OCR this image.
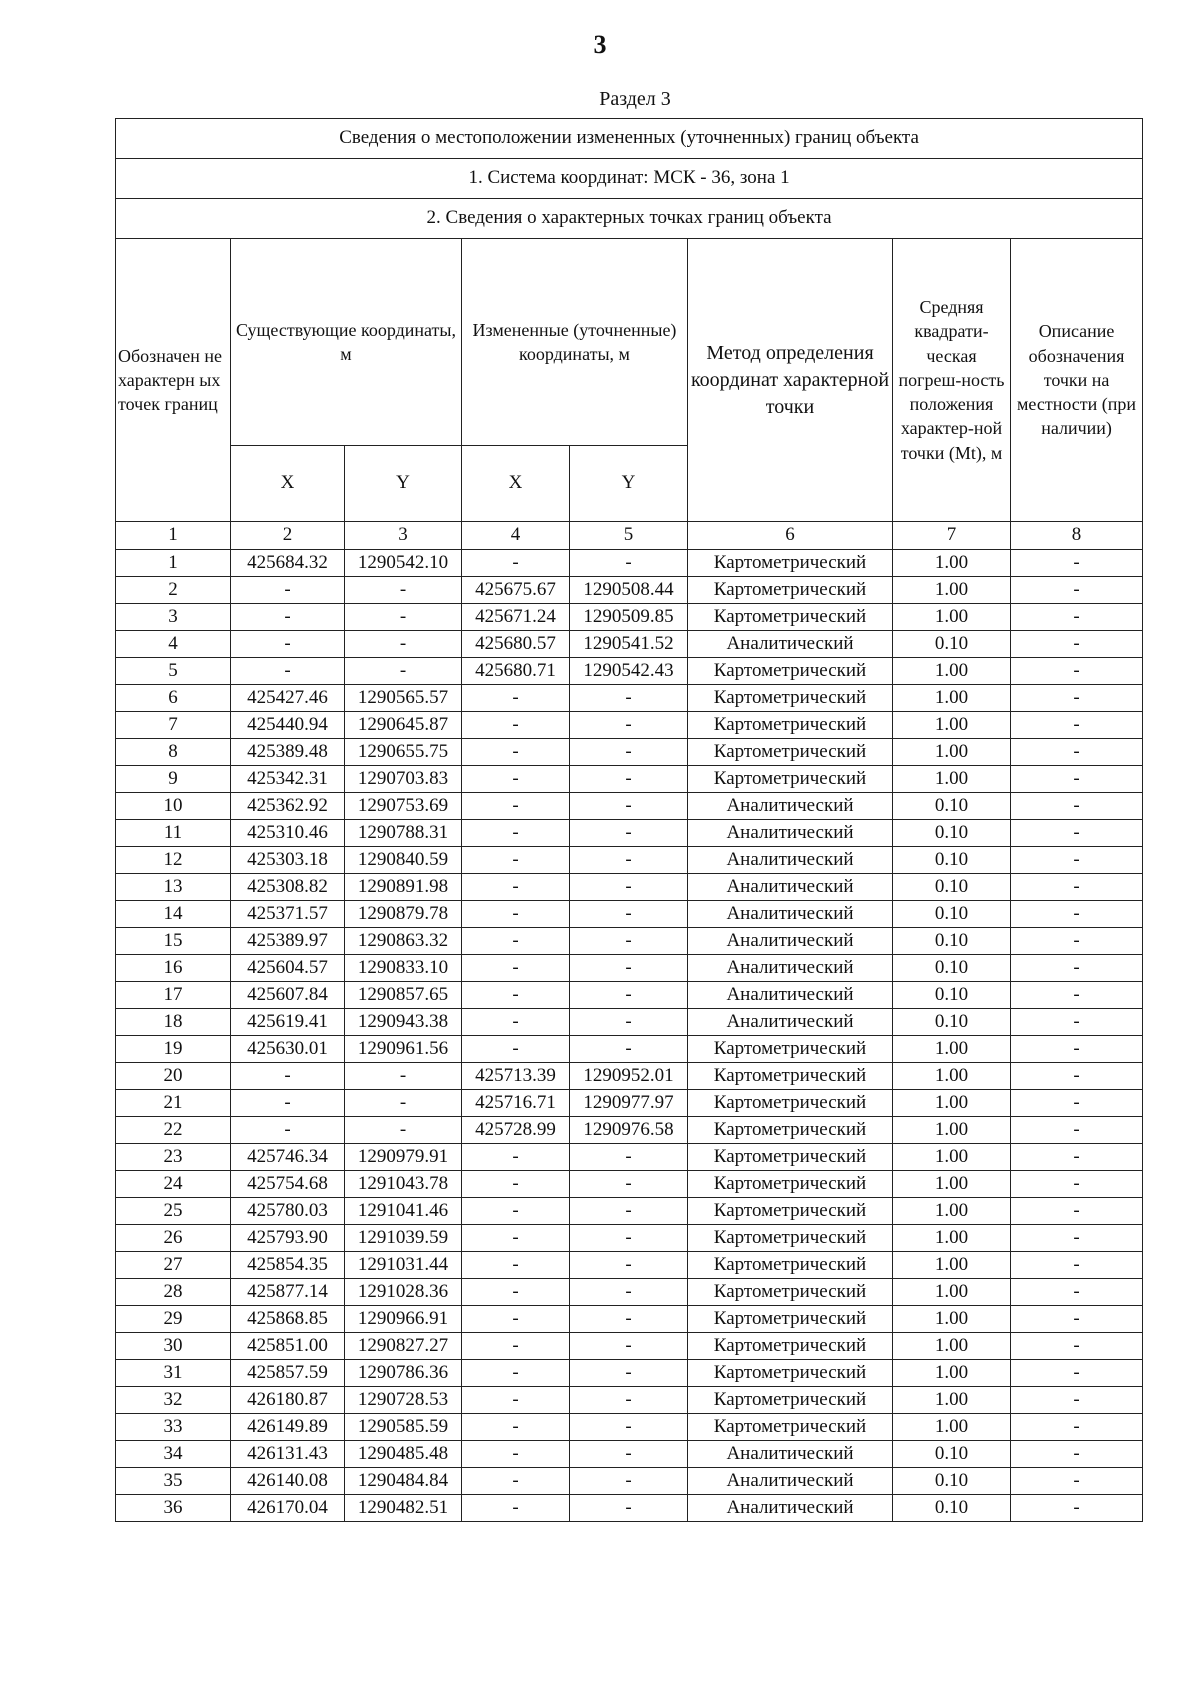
3
Раздел 3
Сведения о местоположении измененных (уточненных) границ объекта							
1. Система координат: МСК - 36, зона 1							
2. Сведения о характерных точках границ объекта							
Обозначен не характерн ых точек границ	Существующие координаты, м		Измененные (уточненные) координаты, м		Метод определения координат характерной точки	Средняя квадрати-ческая погреш-ность положения характер-ной точки (Mt), м	Описание обозначения точки на местности (при наличии)
	X	Y	X	Y			
1	2	3	4	5	6	7	8
1	425684.32	1290542.10	-	-	Картометрический	1.00	-
2	-	-	425675.67	1290508.44	Картометрический	1.00	-
3	-	-	425671.24	1290509.85	Картометрический	1.00	-
4	-	-	425680.57	1290541.52	Аналитический	0.10	-
5	-	-	425680.71	1290542.43	Картометрический	1.00	-
6	425427.46	1290565.57	-	-	Картометрический	1.00	-
7	425440.94	1290645.87	-	-	Картометрический	1.00	-
8	425389.48	1290655.75	-	-	Картометрический	1.00	-
9	425342.31	1290703.83	-	-	Картометрический	1.00	-
10	425362.92	1290753.69	-	-	Аналитический	0.10	-
11	425310.46	1290788.31	-	-	Аналитический	0.10	-
12	425303.18	1290840.59	-	-	Аналитический	0.10	-
13	425308.82	1290891.98	-	-	Аналитический	0.10	-
14	425371.57	1290879.78	-	-	Аналитический	0.10	-
15	425389.97	1290863.32	-	-	Аналитический	0.10	-
16	425604.57	1290833.10	-	-	Аналитический	0.10	-
17	425607.84	1290857.65	-	-	Аналитический	0.10	-
18	425619.41	1290943.38	-	-	Аналитический	0.10	-
19	425630.01	1290961.56	-	-	Картометрический	1.00	-
20	-	-	425713.39	1290952.01	Картометрический	1.00	-
21	-	-	425716.71	1290977.97	Картометрический	1.00	-
22	-	-	425728.99	1290976.58	Картометрический	1.00	-
23	425746.34	1290979.91	-	-	Картометрический	1.00	-
24	425754.68	1291043.78	-	-	Картометрический	1.00	-
25	425780.03	1291041.46	-	-	Картометрический	1.00	-
26	425793.90	1291039.59	-	-	Картометрический	1.00	-
27	425854.35	1291031.44	-	-	Картометрический	1.00	-
28	425877.14	1291028.36	-	-	Картометрический	1.00	-
29	425868.85	1290966.91	-	-	Картометрический	1.00	-
30	425851.00	1290827.27	-	-	Картометрический	1.00	-
31	425857.59	1290786.36	-	-	Картометрический	1.00	-
32	426180.87	1290728.53	-	-	Картометрический	1.00	-
33	426149.89	1290585.59	-	-	Картометрический	1.00	-
34	426131.43	1290485.48	-	-	Аналитический	0.10	-
35	426140.08	1290484.84	-	-	Аналитический	0.10	-
36	426170.04	1290482.51	-	-	Аналитический	0.10	-
